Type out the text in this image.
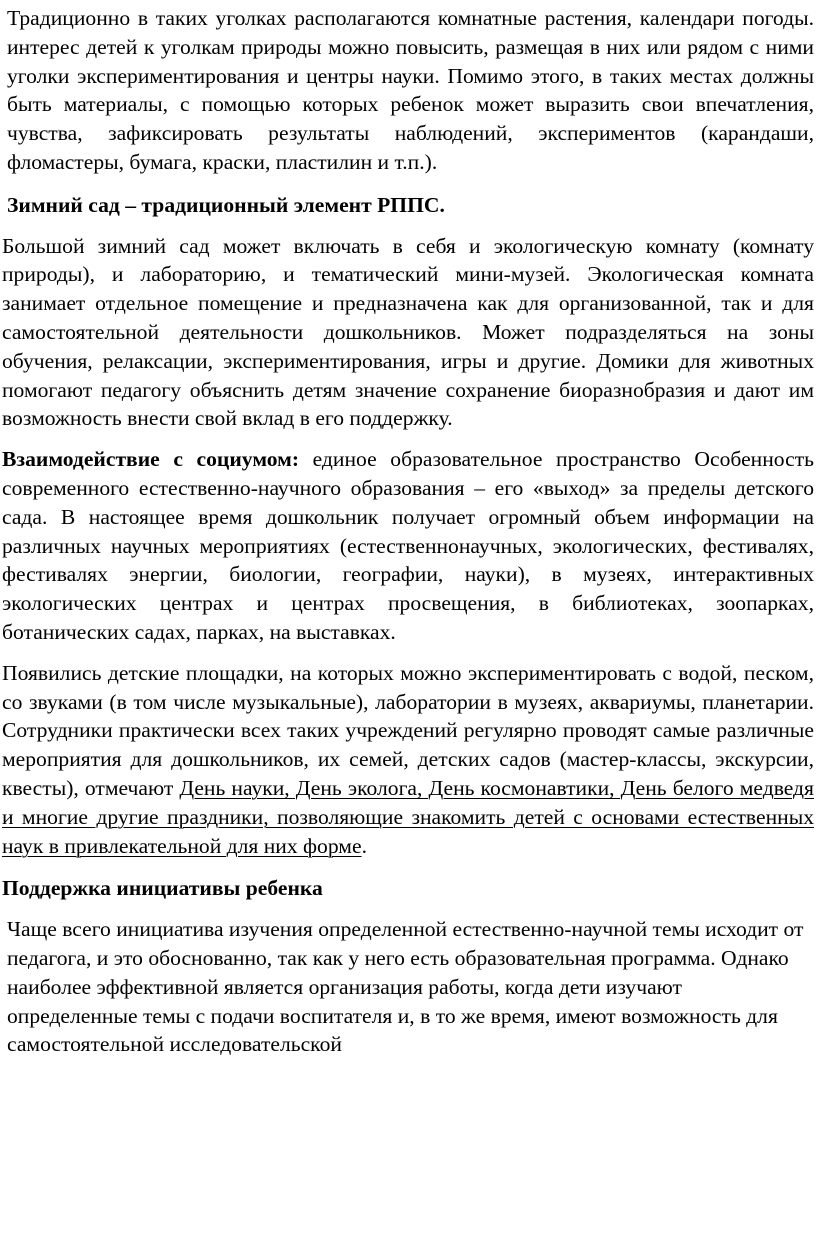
Традиционно в таких уголках располагаются комнатные растения, календари погоды. интерес детей к уголкам природы можно повысить, размещая в них или рядом с ними уголки экспериментирования и центры науки. Помимо этого, в таких местах должны быть материалы, с помощью которых ребенок может выразить свои впечатления, чувства, зафиксировать результаты наблюдений, экспериментов (карандаши, фломастеры, бумага, краски, пластилин и т.п.).

Зимний сад – традиционный элемент РППС.

Большой зимний сад может включать в себя и экологическую комнату (комнату природы), и лабораторию, и тематический мини-музей. Экологическая комната занимает отдельное помещение и предназначена как для организованной, так и для самостоятельной деятельности дошкольников. Может подразделяться на зоны обучения, релаксации, экспериментирования, игры и другие. Домики для животных помогают педагогу объяснить детям значение сохранение биоразнобразия и дают им возможность внести свой вклад в его поддержку.

Взаимодействие с социумом: единое образовательное пространство Особенность современного естественно-научного образования – его «выход» за пределы детского сада. В настоящее время дошкольник получает огромный объем информации на различных научных мероприятиях (естественнонаучных, экологических, фестивалях, фестивалях энергии, биологии, географии, науки), в музеях, интерактивных экологических центрах и центрах просвещения, в библиотеках, зоопарках, ботанических садах, парках, на выставках.

Появились детские площадки, на которых можно экспериментировать с водой, песком, со звуками (в том числе музыкальные), лаборатории в музеях, аквариумы, планетарии. Сотрудники практически всех таких учреждений регулярно проводят самые различные мероприятия для дошкольников, их семей, детских садов (мастер-классы, экскурсии, квесты), отмечают День науки, День эколога, День космонавтики, День белого медведя и многие другие праздники, позволяющие знакомить детей с основами естественных наук в привлекательной для них форме.

Поддержка инициативы ребенка

Чаще всего инициатива изучения определенной естественно-научной темы исходит от педагога, и это обоснованно, так как у него есть образовательная программа. Однако наиболее эффективной является организация работы, когда дети изучают определенные темы с подачи воспитателя и, в то же время, имеют возможность для самостоятельной исследовательской
